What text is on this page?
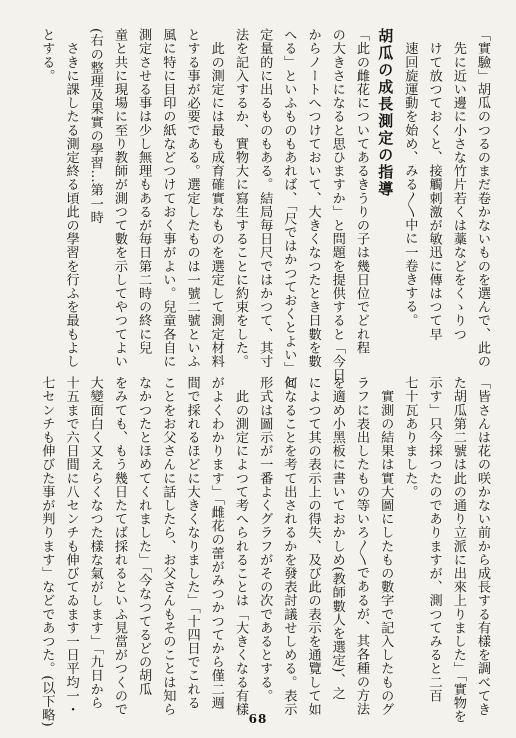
「實驗」胡瓜のつるのまだ卷かないものを選んで、此の
　先に近い邊に小さな竹片若くは藁などをくゝりつ
　けて放つておくと、接觸刺激が敏迅に傳はつて早
　速回旋運動を始め、みる〳〵中に一卷きする。
胡瓜の成長測定の指導
「此の雌花についてあるきうりの子は幾日位でどれ程
の大きさになると思ひますか」と問題を提供すると「今日
からノートへつけておいて、大きくなつたとき日數を數
へる」といふものもあれば、「尺ではかつておくとよい」と
定量的に出るものもある。結局毎日尺ではかつて、其寸
法を記入するか、實物大に寫生することに約束をした。
　此の測定には最も成育確實なものを選定して測定材料
とする事が必要である。選定したものは一號二號といふ
風に特に目印の紙などつけておく事がよい。兒童各自に
測定させる事は少し無理もあるが毎日第二時の終に兒
童と共に現場に至り教師が測つて數を示してやつてよい
(右の整理及果實の學習…第一時
　さきに課したる測定終る頃此の學習を行ふを最もよし
とする。
「皆さんは花の咲かない前から成長する有樣を調べてき
た胡瓜第二號は此の通り立派に出來上りました」「實物を
示す」只今採つたのでありますが、測つてみると二百
七十瓦ありました。
　實測の結果は實大圖にしたもの數字で記入したものグ
ラフに表出したもの等いろ〳〵であるが、其各種の方法
を適め小黑板に書いておかしめ(教師數人を選定)、之
によつて其の表示上の得失、及び此の表示を通覽して如
何なることを考て出されるかを發表討議せしめる。表示
形式は圖示が一番よくグラフがその次であるとする。
　此の測定によつて考へられることは「大きくなる有樣
がよくわかります」「雌花の蕾がみつかつてから僅二週
間で採れるほどに大きくなりました」「十四日でこれる
ことをお父さんに話したら、お父さんもそのことは知ら
なかつたとほめてくれました」「今なつてるどの胡瓜
をみても、もう幾日たてば採れるといふ見當がつくので
大變面白く又えらくなつた樣な氣がします」「九日から
十五まで六日間に八センチも伸びてゐます一日平均一・
七センチも伸びた事が判ります」などであつた。(以下略)	68
